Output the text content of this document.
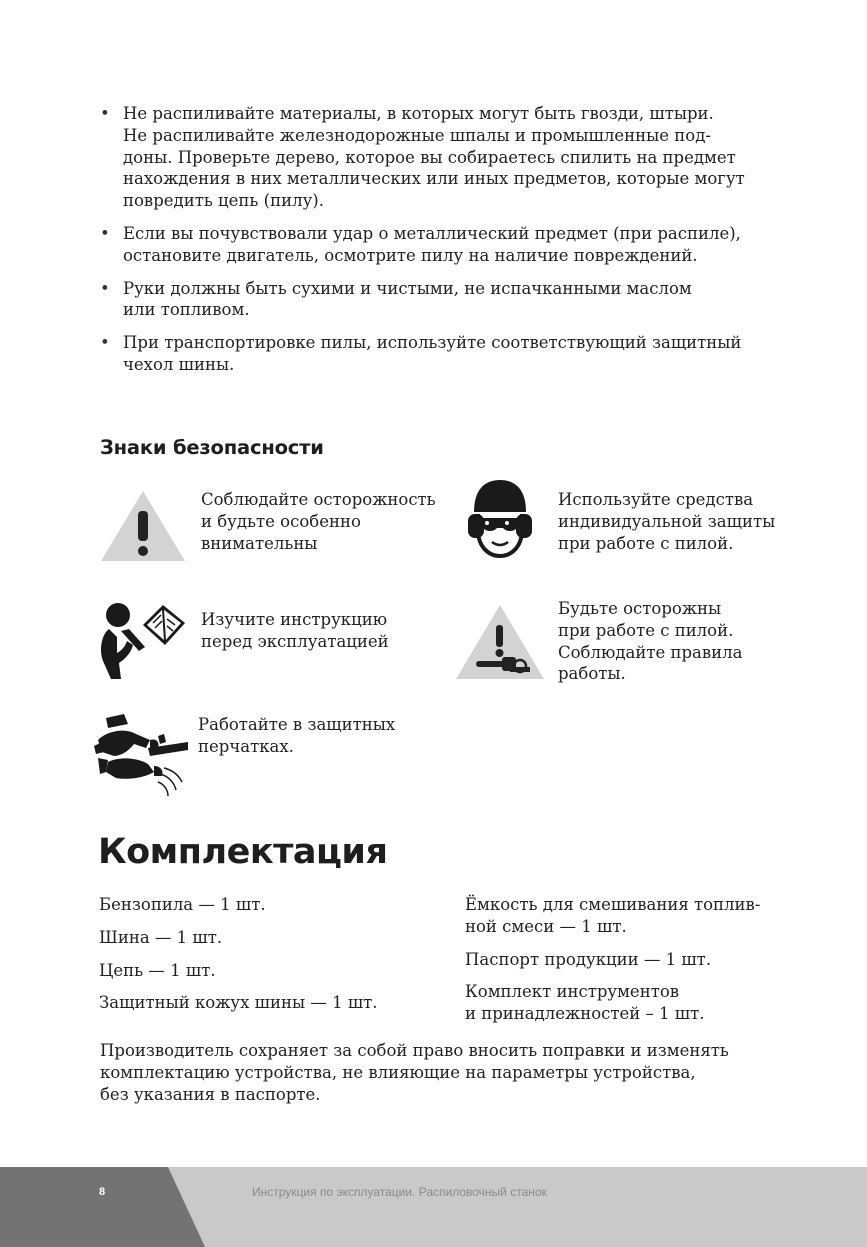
• Не распиливайте материалы, в которых могут быть гвозди, штыри.
Не распиливайте железнодорожные шпалы и промышленные под-
доны. Проверьте дерево, которое вы собираетесь спилить на предмет
нахождения в них металлических или иных предметов, которые могут
повредить цепь (пилу).
• Если вы почувствовали удар о металлический предмет (при распиле),
остановите двигатель, осмотрите пилу на наличие повреждений.
• Руки должны быть сухими и чистыми, не испачканными маслом
или топливом.
• При транспортировке пилы, используйте соответствующий защитный
чехол шины.
Знаки безопасности
Соблюдайте осторожность
и будьте особенно
внимательны
Используйте средства
индивидуальной защиты
при работе с пилой.
Изучите инструкцию
перед эксплуатацией
Будьте осторожны
при работе с пилой.
Соблюдайте правила
работы.
Работайте в защитных
перчатках.
Комплектация
Бензопила — 1 шт.
Шина — 1 шт.
Цепь — 1 шт.
Защитный кожух шины — 1 шт.
Ёмкость для смешивания топлив-
ной смеси — 1 шт.
Паспорт продукции — 1 шт.
Комплект инструментов
и принадлежностей – 1 шт.

Производитель сохраняет за собой право вносить поправки и изменять
комплектацию устройства, не влияющие на параметры устройства,
без указания в паспорте.

8	Инструкция по эксплуатации. Распиловочный станок
